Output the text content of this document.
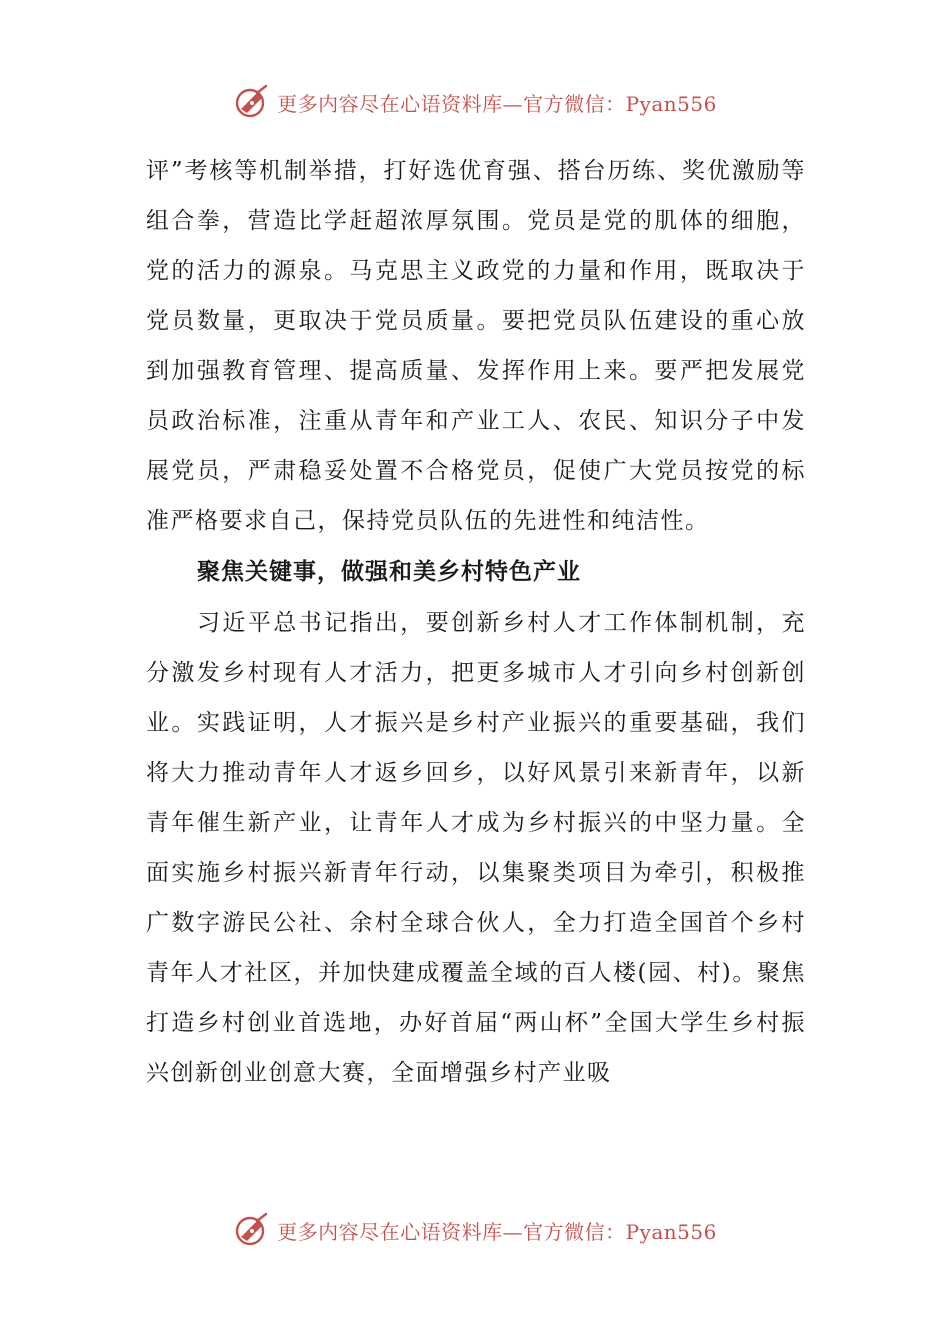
更多内容尽在心语资料库—官方微信：Pyan556

评”考核等机制举措，打好选优育强、搭台历练、奖优激励等组合拳，营造比学赶超浓厚氛围。党员是党的肌体的细胞，党的活力的源泉。马克思主义政党的力量和作用，既取决于党员数量，更取决于党员质量。要把党员队伍建设的重心放到加强教育管理、提高质量、发挥作用上来。要严把发展党员政治标准，注重从青年和产业工人、农民、知识分子中发展党员，严肃稳妥处置不合格党员，促使广大党员按党的标准严格要求自己，保持党员队伍的先进性和纯洁性。

聚焦关键事，做强和美乡村特色产业

习近平总书记指出，要创新乡村人才工作体制机制，充分激发乡村现有人才活力，把更多城市人才引向乡村创新创业。实践证明，人才振兴是乡村产业振兴的重要基础，我们将大力推动青年人才返乡回乡，以好风景引来新青年，以新青年催生新产业，让青年人才成为乡村振兴的中坚力量。全面实施乡村振兴新青年行动，以集聚类项目为牵引，积极推广数字游民公社、余村全球合伙人，全力打造全国首个乡村青年人才社区，并加快建成覆盖全域的百人楼(园、村)。聚焦打造乡村创业首选地，办好首届“两山杯”全国大学生乡村振兴创新创业创意大赛，全面增强乡村产业吸

更多内容尽在心语资料库—官方微信：Pyan556
